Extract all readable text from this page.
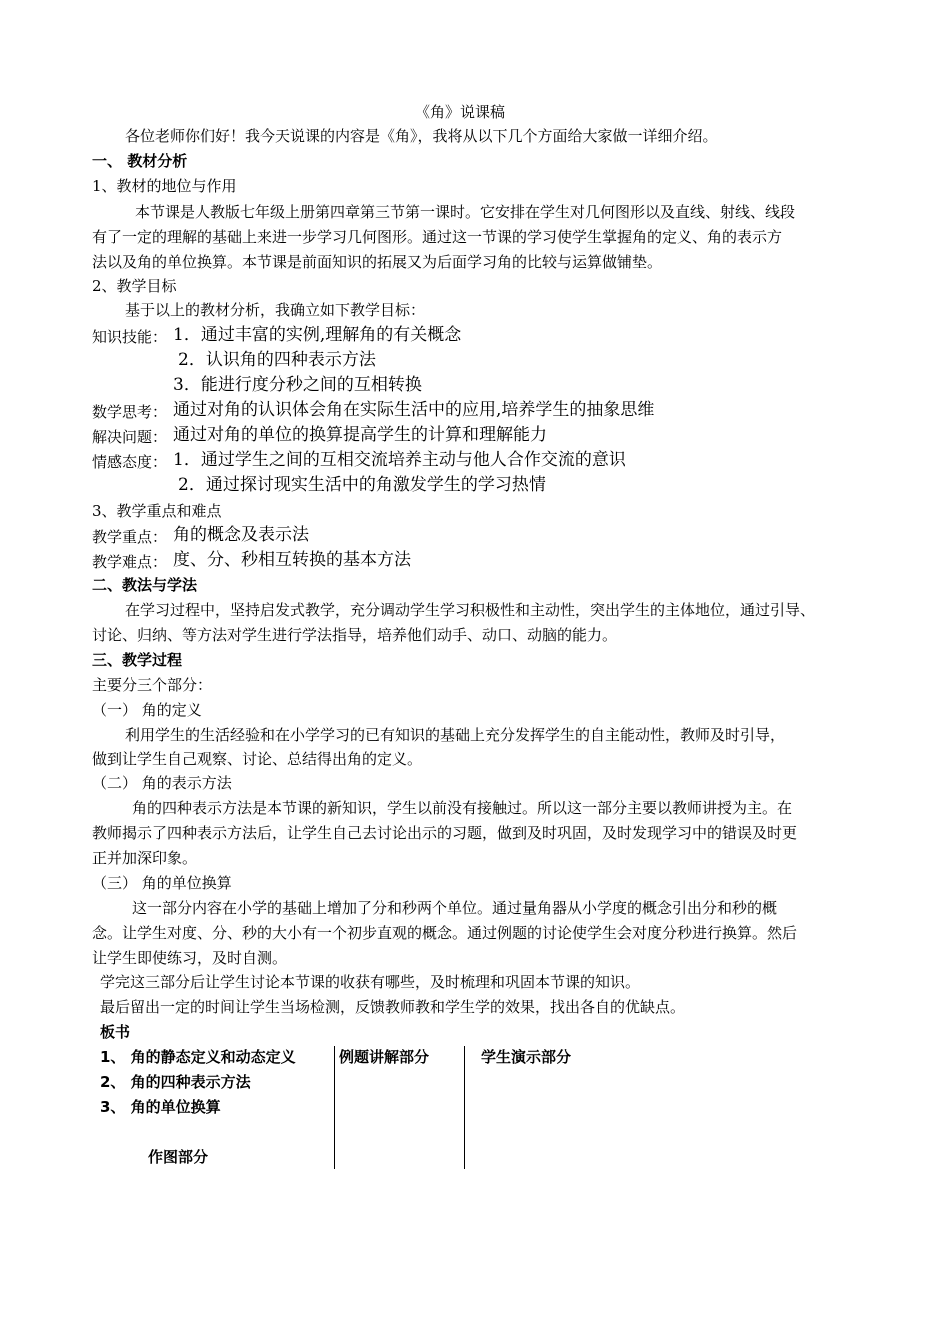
《角》说课稿
各位老师你们好！我今天说课的内容是《角》，我将从以下几个方面给大家做一详细介绍。
一、 教材分析
1、教材的地位与作用
本节课是人教版七年级上册第四章第三节第一课时。它安排在学生对几何图形以及直线、射线、线段
有了一定的理解的基础上来进一步学习几何图形。通过这一节课的学习使学生掌握角的定义、角的表示方
法以及角的单位换算。本节课是前面知识的拓展又为后面学习角的比较与运算做铺垫。
2、教学目标
基于以上的教材分析，我确立如下教学目标：
知识技能： 1．通过丰富的实例,理解角的有关概念
2．认识角的四种表示方法
3．能进行度分秒之间的互相转换
数学思考： 通过对角的认识体会角在实际生活中的应用,培养学生的抽象思维
解决问题： 通过对角的单位的换算提高学生的计算和理解能力
情感态度： 1．通过学生之间的互相交流培养主动与他人合作交流的意识
2．通过探讨现实生活中的角激发学生的学习热情
3、教学重点和难点
教学重点： 角的概念及表示法
教学难点： 度、分、秒相互转换的基本方法
二、教法与学法
在学习过程中，坚持启发式教学，充分调动学生学习积极性和主动性，突出学生的主体地位，通过引导、
讨论、归纳、等方法对学生进行学法指导，培养他们动手、动口、动脑的能力。
三、教学过程
主要分三个部分：
（一） 角的定义
利用学生的生活经验和在小学学习的已有知识的基础上充分发挥学生的自主能动性，教师及时引导，
做到让学生自己观察、讨论、总结得出角的定义。
（二） 角的表示方法
角的四种表示方法是本节课的新知识，学生以前没有接触过。所以这一部分主要以教师讲授为主。在
教师揭示了四种表示方法后，让学生自己去讨论出示的习题，做到及时巩固，及时发现学习中的错误及时更
正并加深印象。
（三） 角的单位换算
这一部分内容在小学的基础上增加了分和秒两个单位。通过量角器从小学度的概念引出分和秒的概
念。让学生对度、分、秒的大小有一个初步直观的概念。通过例题的讨论使学生会对度分秒进行换算。然后
让学生即使练习，及时自测。
学完这三部分后让学生讨论本节课的收获有哪些，及时梳理和巩固本节课的知识。
最后留出一定的时间让学生当场检测，反馈教师教和学生学的效果，找出各自的优缺点。
板书
1、 角的静态定义和动态定义
2、 角的四种表示方法
3、 角的单位换算
作图部分
例题讲解部分	学生演示部分
